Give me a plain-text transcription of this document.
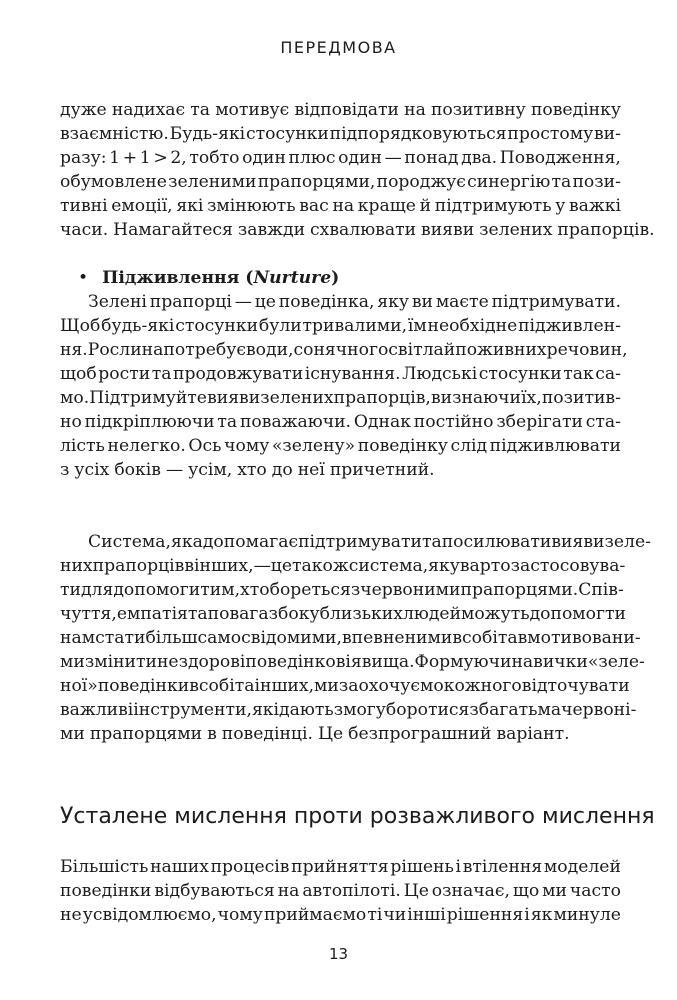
ПЕРЕДМОВА
дуже надихає та мотивує відповідати на позитивну поведінку
взаємністю. Будь-які стосунки підпорядковуються простому ви-
разу: 1 + 1 > 2, тобто один плюс один — понад два. Поводження,
обумовлене зеленими прапорцями, породжує синергію та пози-
тивні емоції, які змінюють вас на краще й підтримують у важкі
часи. Намагайтеся завжди схвалювати вияви зелених прапорців.
• Підживлення (Nurture)
Зелені прапорці — це поведінка, яку ви маєте підтримувати.
Щоб будь-які стосунки були тривалими, їм необхідне підживлен-
ня. Рослина потребує води, сонячного світла й поживних речовин,
щоб рости та продовжувати існування. Людські стосунки так са-
мо. Підтримуйте вияви зелених прапорців, визнаючи їх, позитив-
но підкріплюючи та поважаючи. Однак постійно зберігати ста-
лість нелегко. Ось чому «зелену» поведінку слід підживлювати
з усіх боків — усім, хто до неї причетний.
Система, яка допомагає підтримувати та посилювати вияви зеле-
них прапорців в інших, — це також система, яку варто застосовува-
ти для допомоги тим, хто бореться з червоними прапорцями. Спів-
чуття, емпатія та повага з боку близьких людей можуть допомогти
нам стати більш самосвідомими, впевненими в собі та вмотивовани-
ми змінити нездорові поведінкові явища. Формуючи навички «зеле-
ної» поведінки в собі та інших, ми заохочуємо кожного відточувати
важливі інструменти, які дають змогу боротися з багатьма червоні-
ми прапорцями в поведінці. Це безпрограшний варіант.
Усталене мислення проти розважливого мислення
Більшість наших процесів прийняття рішень і втілення моделей
поведінки відбуваються на автопілоті. Це означає, що ми часто
не усвідомлюємо, чому приймаємо ті чи інші рішення і як минуле
13
